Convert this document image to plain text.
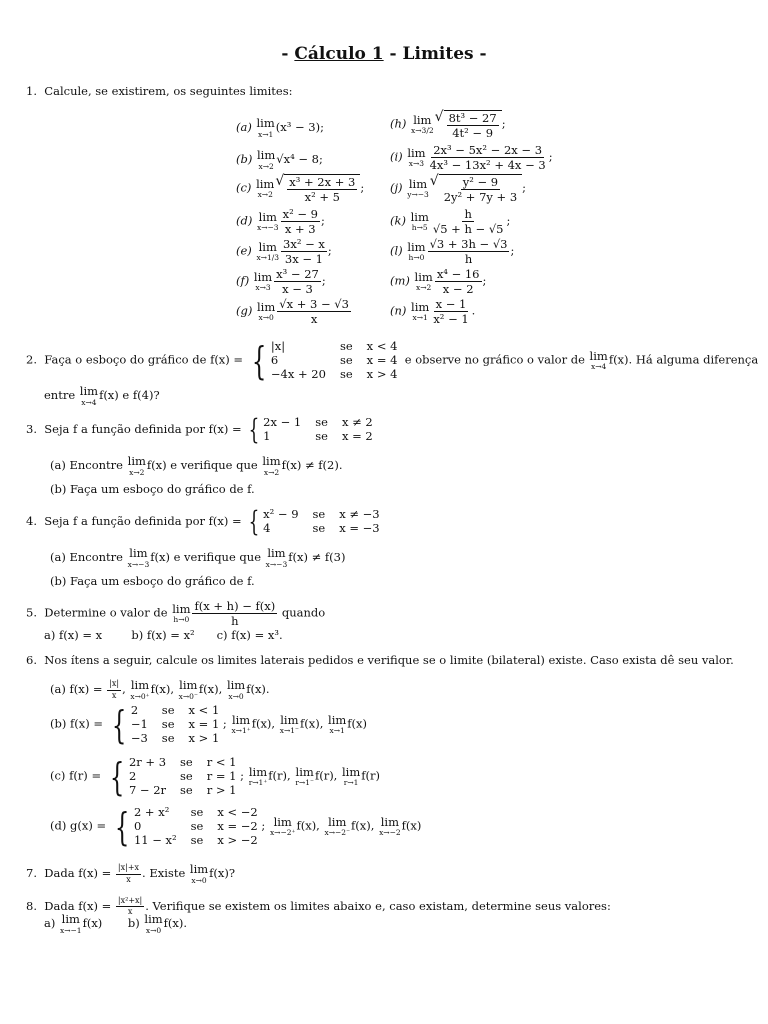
- Cálculo 1 - Limites -
1. Calcule, se existirem, os seguintes limites:
(a) lim
x→1 (x³ − 3);
(b) lim
x→2 √x⁴ − 8;
(c) lim
x→2
√ $\frac{\text{x³ + 2x + 3}}{\text{x² + 5}}$ ;
(d) lim
$x\to-3 \frac{\text{x² − 9}}{x + 3}$ ;
(e) lim
$x\to 1/3 \frac{\text{3x² − x}}{3x - 1}$ ;
(f) lim
$x\to 3 \frac{\text{x³ − 27}}{x - 3}$ ;
(g) lim
$x\to 0 \frac{√x + 3 - √3}{x}$
(h) lim
x→3/2
√ $\frac{\text{8t³ − 27}}{\text{4t² − 9}}$ ;
(i) lim
$x\to 3 \frac{\text{2x³ − 5x² − 2x − 3}}{\text{4x³ − 13x² + 4x − 3}}$ ;
(j) lim
y→−3
√ $\frac{\text{y² − 9}}{\text{2y² + 7y + 3}}$ ;
(k) lim
$h\to 5 \frac{h}{√5 + h - √5}$ ;
(l) lim
$h\to 0 \frac{√3 + 3h - √3}{h}$ ;
(m) lim
$x\to 2 \frac{\text{x⁴ − 16}}{x - 2}$ ;
(n) lim
$x\to 1 \frac{x - 1}{\text{x² − 1}}$ .
2. Faça o esboço do gráfico de f(x) = { |x|	se x < 4
6	se x = 4
−4x + 20 se x > 4
e observe no gráfico o valor de lim
x→4 f(x). Há alguma diferença
entre lim
x→4 f(x) e f(4)?
3. Seja f a função definida por f(x) = { 2x − 1 se x ≠ 2
1	se x = 2
(a) Encontre lim
x→2 f(x) e verifique que lim
x→2 f(x) ≠ f(2).
(b) Faça um esboço do gráfico de f.
4. Seja f a função definida por f(x) = { x² − 9 se x ≠ −3
4	se x = −3
(a) Encontre lim
x→−3 f(x) e verifique que lim
x→−3 f(x) ≠ f(3)
(b) Faça um esboço do gráfico de f.
5. Determine o valor de lim
$h\to 0 \frac{f(x + h) - f(x)}{h}$ quando
a) f(x) = x	b) f(x) = x² c) f(x) = x³.
6. Nos ítens a seguir, calcule os limites laterais pedidos e verifique se o limite (bilateral) existe. Caso exista dê seu valor.
(a) $f(x) = \frac{|x|}{x}$ , lim
x→0⁺ f(x), lim
x→0⁻ f(x), lim
x→0 f(x).
(b) f(x) = { 2	se x < 1
−1 se x = 1
−3 se x > 1
; lim
x→1⁺ f(x), lim
x→1⁻ f(x), lim
x→1 f(x)
(c) f(r) = { 2r + 3 se r < 1
2	se r = 1
7 − 2r se r > 1
; lim
r→1⁺ f(r), lim
r→1⁻ f(r), lim
r→1 f(r)
(d) g(x) = { 2 + x²	se x < −2
0	se x = −2
11 − x² se x > −2
; lim
x→−2⁺ f(x), lim
x→−2⁻ f(x), lim
x→−2 f(x)
7. Dada $f(x) = \frac{|x|+x}{x}$ . Existe lim
x→0 f(x)?
8. Dada $f(x) = \frac{\text{|x²+x|}}{x}$ . Verifique se existem os limites abaixo e, caso existam, determine seus valores:
a) lim
x→−1 f(x) b) lim
x→0 f(x).
